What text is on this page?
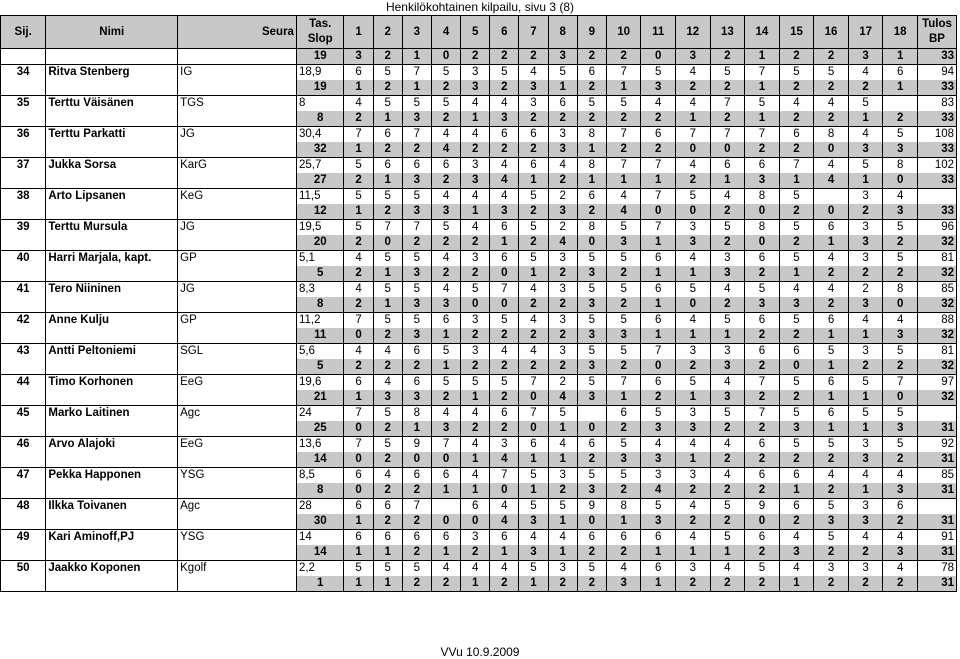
Henkilökohtainen kilpailu, sivu 3 (8)
Sij.	Nimi	Seura	Tas. Slop	1	2	3	4	5	6	7	8	9	10	11	12	13	14	15	16	17	18	Tulos BP
			19	3	2	1	0	2	2	2	3	2	2	0	3	2	1	2	2	3	1	33
34	Ritva Stenberg	IG	18,9	6	5	7	5	3	5	4	5	6	7	5	4	5	7	5	5	4	6	94
			19	1	2	1	2	3	2	3	1	2	1	3	2	2	1	2	2	2	1	33
35	Terttu Väisänen	TGS	8	4	5	5	5	4	4	3	6	5	5	4	4	7	5	4	4	5		83
			8	2	1	3	2	1	3	2	2	2	2	2	1	2	1	2	2	1	2	33
36	Terttu Parkatti	JG	30,4	7	6	7	4	4	6	6	3	8	7	6	7	7	7	6	8	4	5	108
			32	1	2	2	4	2	2	2	3	1	2	2	0	0	2	2	0	3	3	33
37	Jukka Sorsa	KarG	25,7	5	6	6	6	3	4	6	4	8	7	7	4	6	6	7	4	5	8	102
			27	2	1	3	2	3	4	1	2	1	1	1	2	1	3	1	4	1	0	33
38	Arto Lipsanen	KeG	11,5	5	5	5	4	4	4	5	2	6	4	7	5	4	8	5		3	4	
			12	1	2	3	3	1	3	2	3	2	4	0	0	2	0	2	0	2	3	33
39	Terttu Mursula	JG	19,5	5	7	7	5	4	6	5	2	8	5	7	3	5	8	5	6	3	5	96
			20	2	0	2	2	2	1	2	4	0	3	1	3	2	0	2	1	3	2	32
40	Harri Marjala, kapt.	GP	5,1	4	5	5	4	3	6	5	3	5	5	6	4	3	6	5	4	3	5	81
			5	2	1	3	2	2	0	1	2	3	2	1	1	3	2	1	2	2	2	32
41	Tero Niininen	JG	8,3	4	5	5	4	5	7	4	3	5	5	6	5	4	5	4	4	2	8	85
			8	2	1	3	3	0	0	2	2	3	2	1	0	2	3	3	2	3	0	32
42	Anne Kulju	GP	11,2	7	5	5	6	3	5	4	3	5	5	6	4	5	6	5	6	4	4	88
			11	0	2	3	1	2	2	2	2	3	3	1	1	1	2	2	1	1	3	32
43	Antti Peltoniemi	SGL	5,6	4	4	6	5	3	4	4	3	5	5	7	3	3	6	6	5	3	5	81
			5	2	2	2	1	2	2	2	2	3	2	0	2	3	2	0	1	2	2	32
44	Timo Korhonen	EeG	19,6	6	4	6	5	5	5	7	2	5	7	6	5	4	7	5	6	5	7	97
			21	1	3	3	2	1	2	0	4	3	1	2	1	3	2	2	1	1	0	32
45	Marko Laitinen	Agc	24	7	5	8	4	4	6	7	5		6	5	3	5	7	5	6	5	5	
			25	0	2	1	3	2	2	0	1	0	2	3	3	2	2	3	1	1	3	31
46	Arvo Alajoki	EeG	13,6	7	5	9	7	4	3	6	4	6	5	4	4	4	6	5	5	3	5	92
			14	0	2	0	0	1	4	1	1	2	3	3	1	2	2	2	2	3	2	31
47	Pekka Happonen	YSG	8,5	6	4	6	6	4	7	5	3	5	5	3	3	4	6	6	4	4	4	85
			8	0	2	2	1	1	0	1	2	3	2	4	2	2	2	1	2	1	3	31
48	Ilkka Toivanen	Agc	28	6	6	7		6	4	5	5	9	8	5	4	5	9	6	5	3	6	
			30	1	2	2	0	0	4	3	1	0	1	3	2	2	0	2	3	3	2	31
49	Kari Aminoff,PJ	YSG	14	6	6	6	6	3	6	4	4	6	6	6	4	5	6	4	5	4	4	91
			14	1	1	2	1	2	1	3	1	2	2	1	1	1	2	3	2	2	3	31
50	Jaakko Koponen	Kgolf	2,2	5	5	5	4	4	4	5	3	5	4	6	3	4	5	4	3	3	4	78
			1	1	1	2	2	1	2	1	2	2	3	1	2	2	2	1	2	2	2	31
VVu 10.9.2009
